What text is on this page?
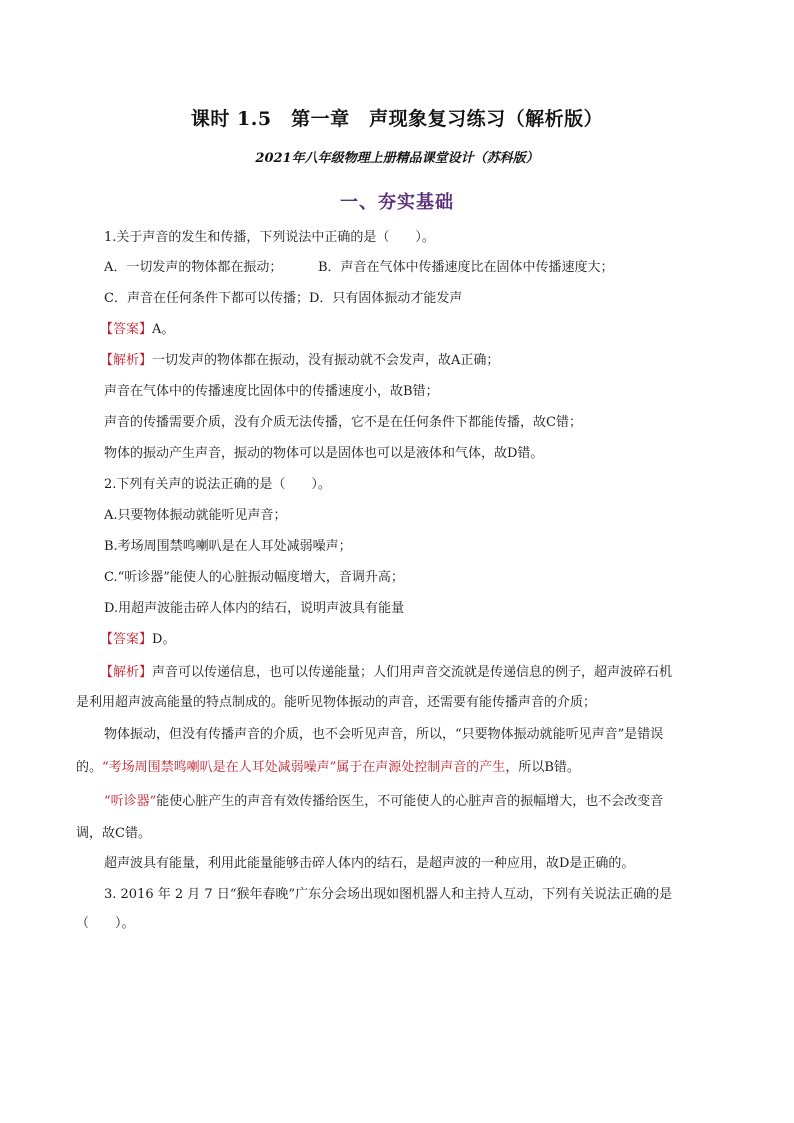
课时 1.5　第一章　声现象复习练习（解析版）
2021年八年级物理上册精品课堂设计（苏科版）
一、夯实基础
1.关于声音的发生和传播，下列说法中正确的是（　　）。
A．一切发声的物体都在振动；	B．声音在气体中传播速度比在固体中传播速度大；
C．声音在任何条件下都可以传播；D．只有固体振动才能发声
【答案】A。
【解析】一切发声的物体都在振动，没有振动就不会发声，故A正确；
声音在气体中的传播速度比固体中的传播速度小，故B错；
声音的传播需要介质，没有介质无法传播，它不是在任何条件下都能传播，故C错；
物体的振动产生声音，振动的物体可以是固体也可以是液体和气体，故D错。
2.下列有关声的说法正确的是（　　）。
A.只要物体振动就能听见声音；
B.考场周围禁鸣喇叭是在人耳处减弱噪声；
C.“听诊器”能使人的心脏振动幅度增大，音调升高；
D.用超声波能击碎人体内的结石，说明声波具有能量
【答案】D。
【解析】声音可以传递信息，也可以传递能量；人们用声音交流就是传递信息的例子，超声波碎石机
是利用超声波高能量的特点制成的。能听见物体振动的声音，还需要有能传播声音的介质；
物体振动，但没有传播声音的介质，也不会听见声音，所以，“只要物体振动就能听见声音”是错误
的。“考场周围禁鸣喇叭是在人耳处减弱噪声”属于在声源处控制声音的产生，所以B错。
“听诊器”能使心脏产生的声音有效传播给医生，不可能使人的心脏声音的振幅增大，也不会改变音
调，故C错。
超声波具有能量，利用此能量能够击碎人体内的结石，是超声波的一种应用，故D是正确的。
3. 2016 年 2 月 7 日“猴年春晚”广东分会场出现如图机器人和主持人互动，下列有关说法正确的是
（　　）。
